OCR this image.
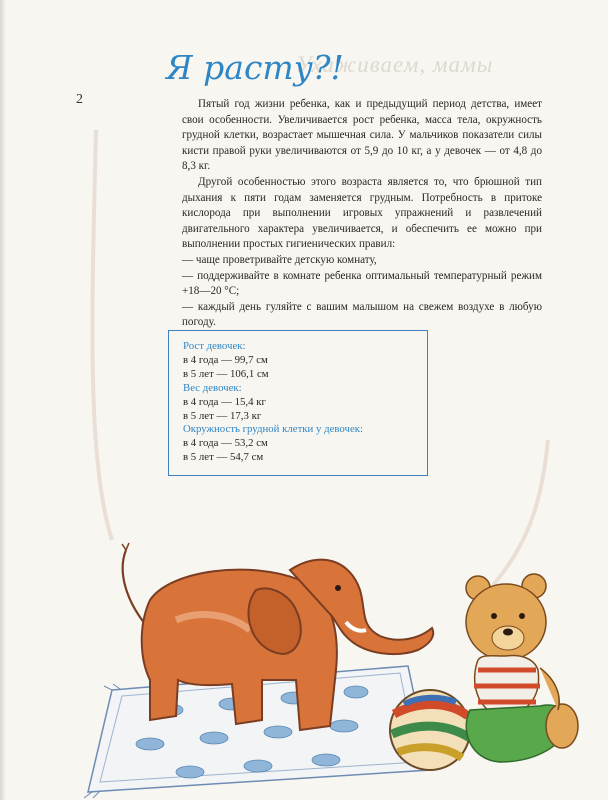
Ухаживаем, мамы
Я расту?!
2	Пятый год жизни ребенка, как и предыдущий период детства, имеет свои особенности. Увеличивается рост ребенка, масса тела, окружность грудной клетки, возрастает мышечная сила. У мальчиков показатели силы кисти правой руки увеличиваются от 5,9 до 10 кг, а у девочек — от 4,8 до 8,3 кг.

Другой особенностью этого возраста является то, что брюшной тип дыхания к пяти годам заменяется грудным. Потребность в притоке кислорода при выполнении игровых упражнений и развлечений двигательного характера увеличивается, и обеспечить ее можно при выполнении простых гигиенических правил:

— чаще проветривайте детскую комнату,

— поддерживайте в комнате ребенка оптимальный температурный режим +18—20 °С;

— каждый день гуляйте с вашим малышом на свежем воздухе в любую погоду.

Рост девочек:
в 4 года — 99,7 см
в 5 лет — 106,1 см
Вес девочек:
в 4 года — 15,4 кг
в 5 лет — 17,3 кг
Окружность грудной клетки у девочек:
в 4 года — 53,2 см
в 5 лет — 54,7 см
